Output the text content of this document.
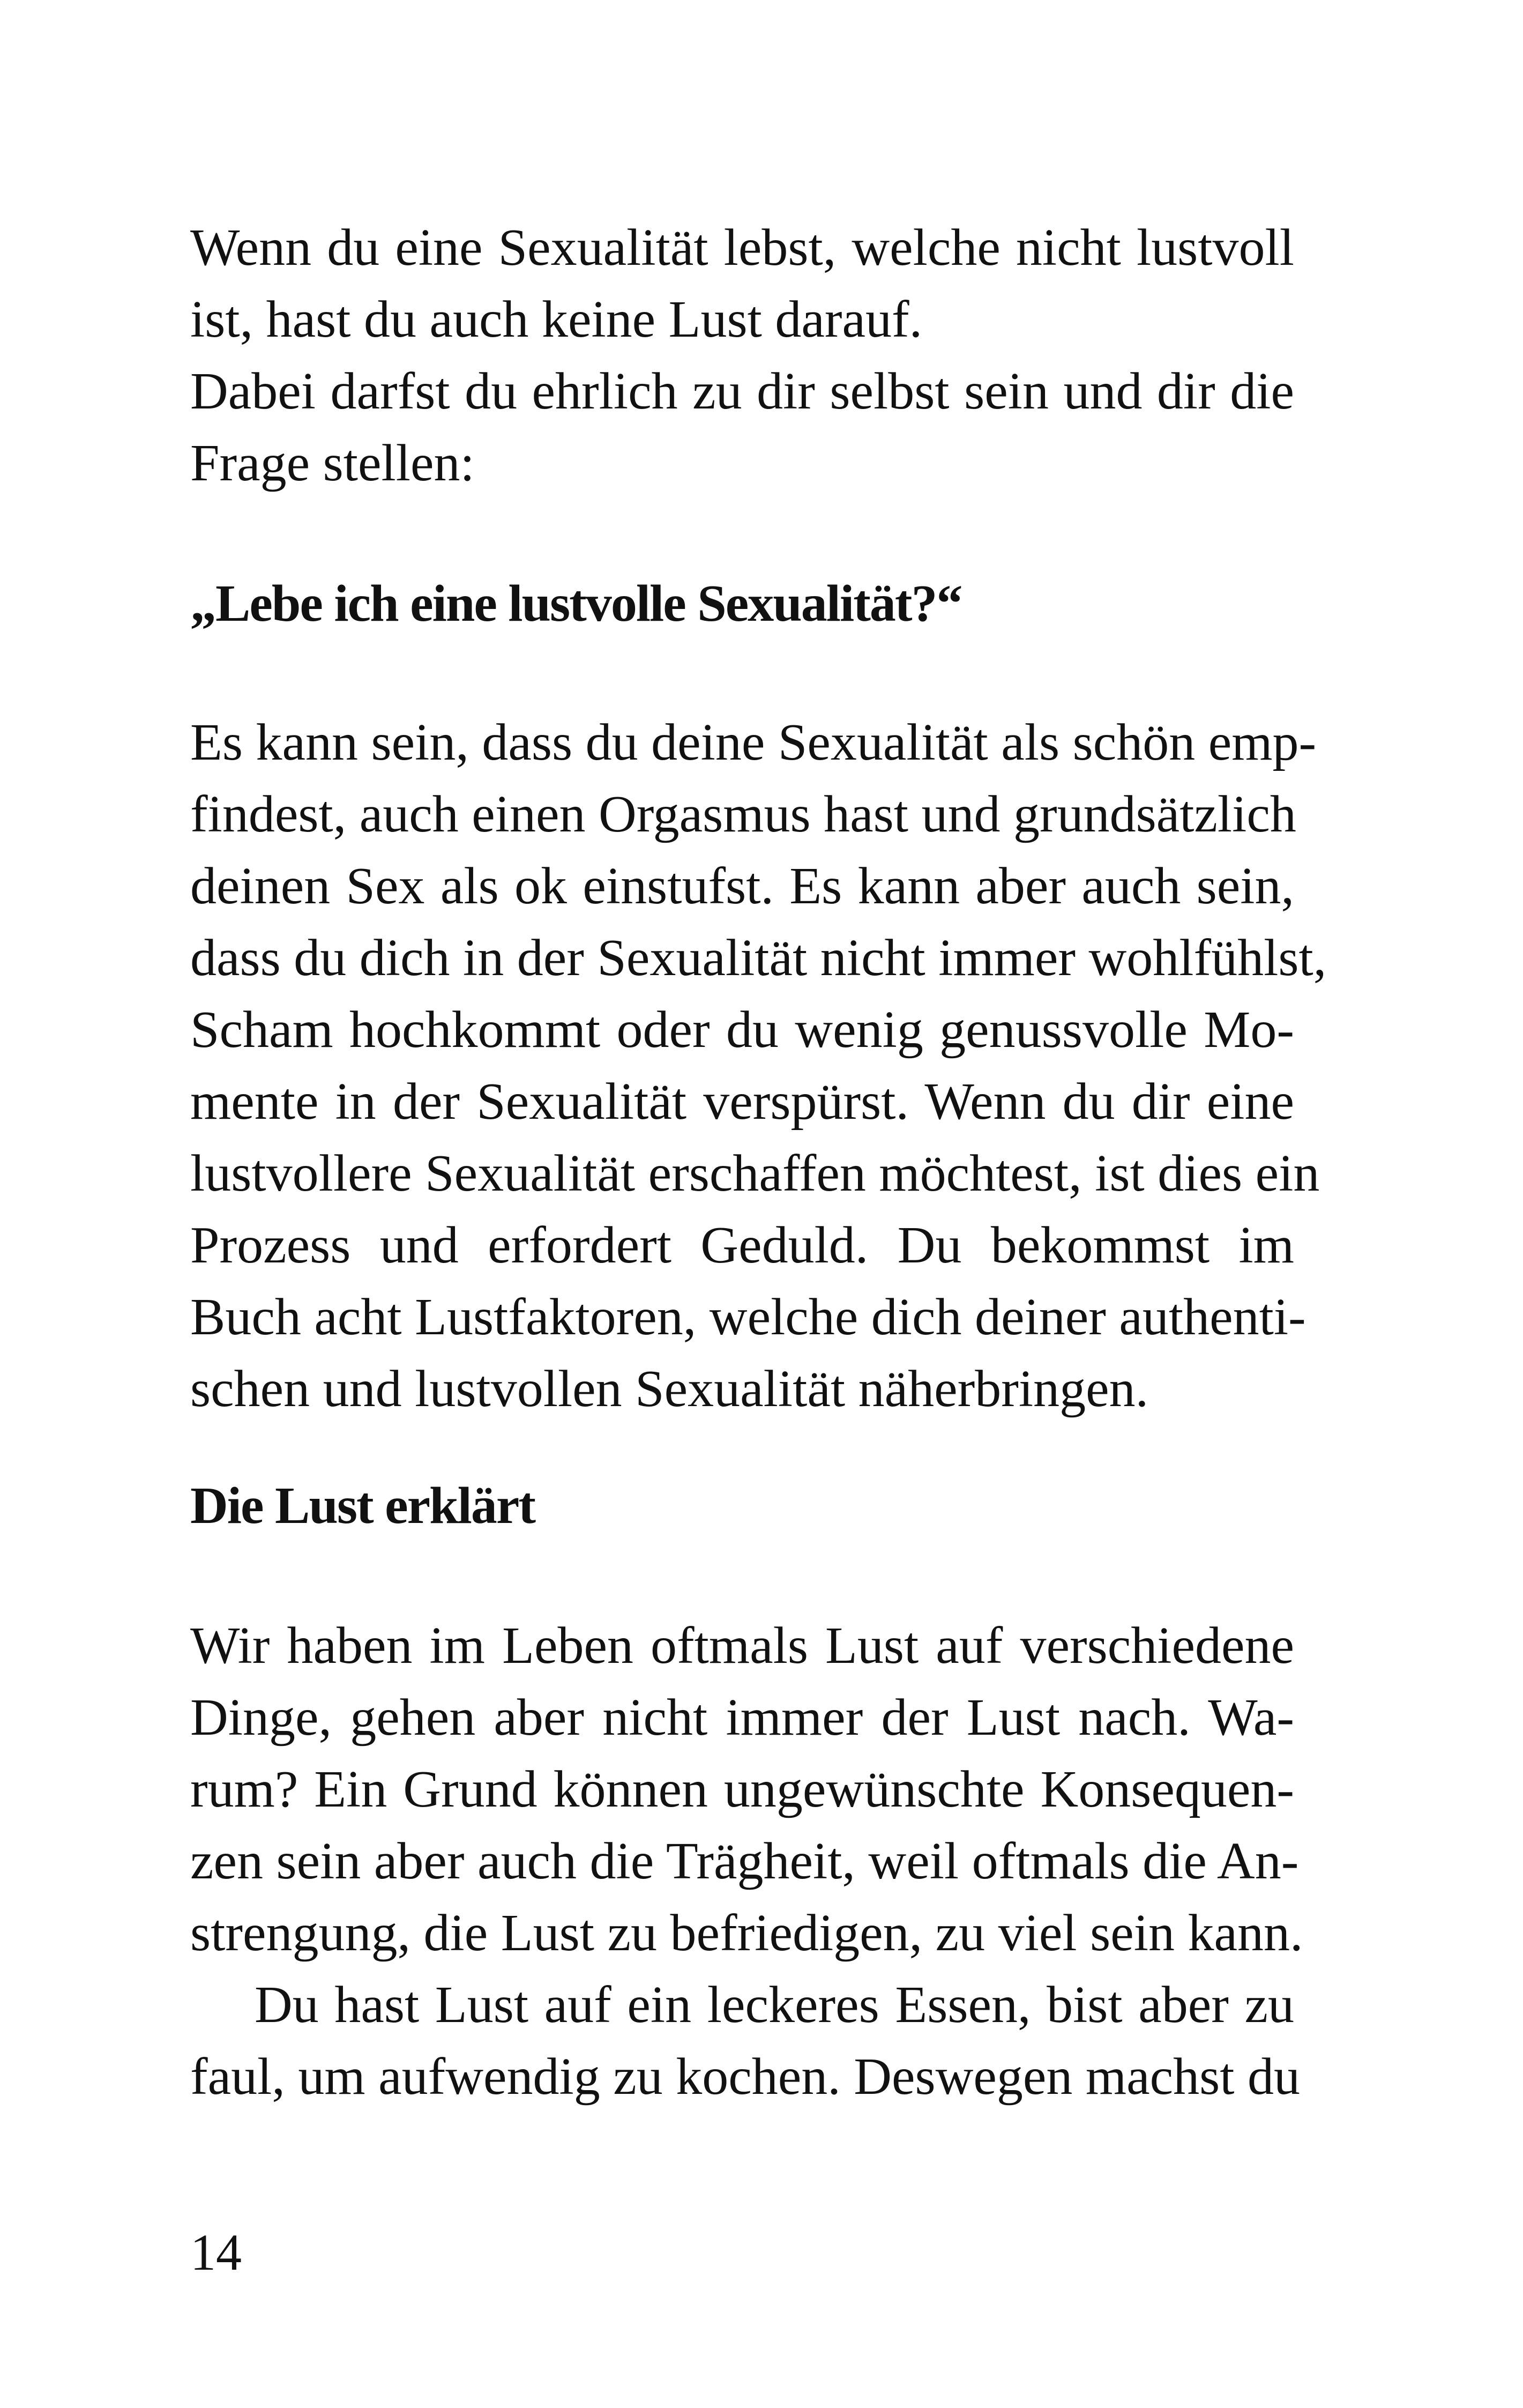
Wenn du eine Sexualität lebst, welche nicht lustvoll
ist, hast du auch keine Lust darauf.
Dabei darfst du ehrlich zu dir selbst sein und dir die
Frage stellen:
„Lebe ich eine lustvolle Sexualität?“
Es kann sein, dass du deine Sexualität als schön emp-
findest, auch einen Orgasmus hast und grundsätzlich
deinen Sex als ok einstufst. Es kann aber auch sein,
dass du dich in der Sexualität nicht immer wohlfühlst,
Scham hochkommt oder du wenig genussvolle Mo-
mente in der Sexualität verspürst. Wenn du dir eine
lustvollere Sexualität erschaffen möchtest, ist dies ein
Prozess und erfordert Geduld. Du bekommst im
Buch acht Lustfaktoren, welche dich deiner authenti-
schen und lustvollen Sexualität näherbringen.
Die Lust erklärt
Wir haben im Leben oftmals Lust auf verschiedene
Dinge, gehen aber nicht immer der Lust nach. Wa-
rum? Ein Grund können ungewünschte Konsequen-
zen sein aber auch die Trägheit, weil oftmals die An-
strengung, die Lust zu befriedigen, zu viel sein kann.
Du hast Lust auf ein leckeres Essen, bist aber zu
faul, um aufwendig zu kochen. Deswegen machst du
14
